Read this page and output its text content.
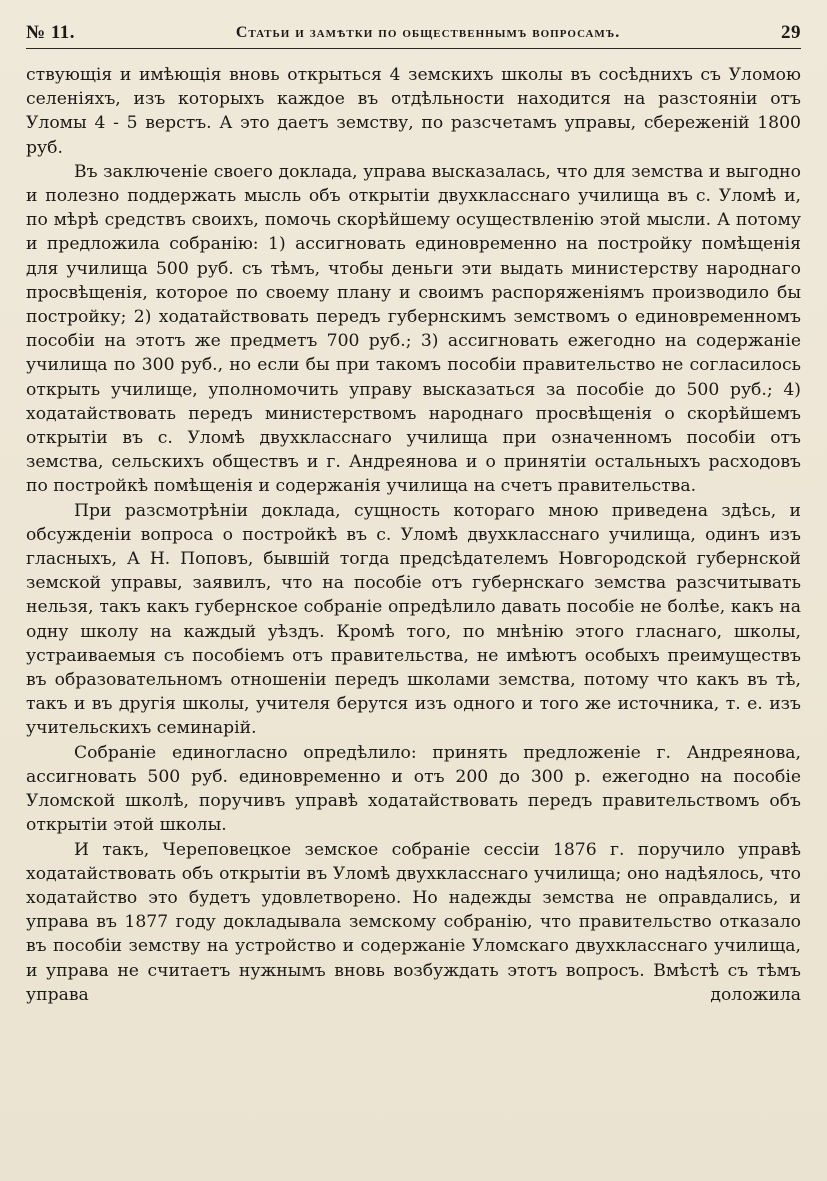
№ 11.	Статьи и замѣтки по общественнымъ вопросамъ.	29

ствующія и имѣющія вновь открыться 4 земскихъ школы въ сосѣднихъ съ Уломою селеніяхъ, изъ которыхъ каждое въ отдѣльности находится на разстояніи отъ Уломы 4 - 5 верстъ. А это даетъ земству, по разсчетамъ управы, сбереженій 1800 руб.

Въ заключеніе своего доклада, управа высказалась, что для земства и выгодно и полезно поддержать мысль объ открытіи двухкласснаго училища въ с. Уломѣ и, по мѣрѣ средствъ своихъ, помочь скорѣйшему осуществленію этой мысли. А потому и предложила собранію: 1) ассигновать единовременно на постройку помѣщенія для училища 500 руб. съ тѣмъ, чтобы деньги эти выдать министерству народнаго просвѣщенія, которое по своему плану и своимъ распоряженіямъ производило бы постройку; 2) ходатайствовать передъ губернскимъ земствомъ о единовременномъ пособіи на этотъ же предметъ 700 руб.; 3) ассигновать ежегодно на содержаніе училища по 300 руб., но если бы при такомъ пособіи правительство не согласилось открыть училище, уполномочить управу высказаться за пособіе до 500 руб.; 4) ходатайствовать передъ министерствомъ народнаго просвѣщенія о скорѣйшемъ открытіи въ с. Уломѣ двухкласснаго училища при означенномъ пособіи отъ земства, сельскихъ обществъ и г. Андреянова и о принятіи остальныхъ расходовъ по постройкѣ помѣщенія и содержанія училища на счетъ правительства.

При разсмотрѣніи доклада, сущность котораго мною приведена здѣсь, и обсужденіи вопроса о постройкѣ въ с. Уломѣ двухкласснаго училища, одинъ изъ гласныхъ, А Н. Поповъ, бывшій тогда предсѣдателемъ Новгородской губернской земской управы, заявилъ, что на пособіе отъ губернскаго земства разсчитывать нельзя, такъ какъ губернское собраніе опредѣлило давать пособіе не болѣе, какъ на одну школу на каждый уѣздъ. Кромѣ того, по мнѣнію этого гласнаго, школы, устраиваемыя съ пособіемъ отъ правительства, не имѣютъ особыхъ преимуществъ въ образовательномъ отношеніи передъ школами земства, потому что какъ въ тѣ, такъ и въ другія школы, учителя берутся изъ одного и того же источника, т. е. изъ учительскихъ семинарій.

Собраніе единогласно опредѣлило: принять предложеніе г. Андреянова, ассигновать 500 руб. единовременно и отъ 200 до 300 р. ежегодно на пособіе Уломской школѣ, поручивъ управѣ ходатайствовать передъ правительствомъ объ открытіи этой школы.

И такъ, Череповецкое земское собраніе сессіи 1876 г. поручило управѣ ходатайствовать объ открытіи въ Уломѣ двухкласснаго училища; оно надѣялось, что ходатайство это будетъ удовлетворено. Но надежды земства не оправдались, и управа въ 1877 году докладывала земскому собранію, что правительство отказало въ пособіи земству на устройство и содержаніе Уломскаго двухкласснаго училища, и управа не считаетъ нужнымъ вновь возбуждать этотъ вопросъ. Вмѣстѣ съ тѣмъ управа доложила
